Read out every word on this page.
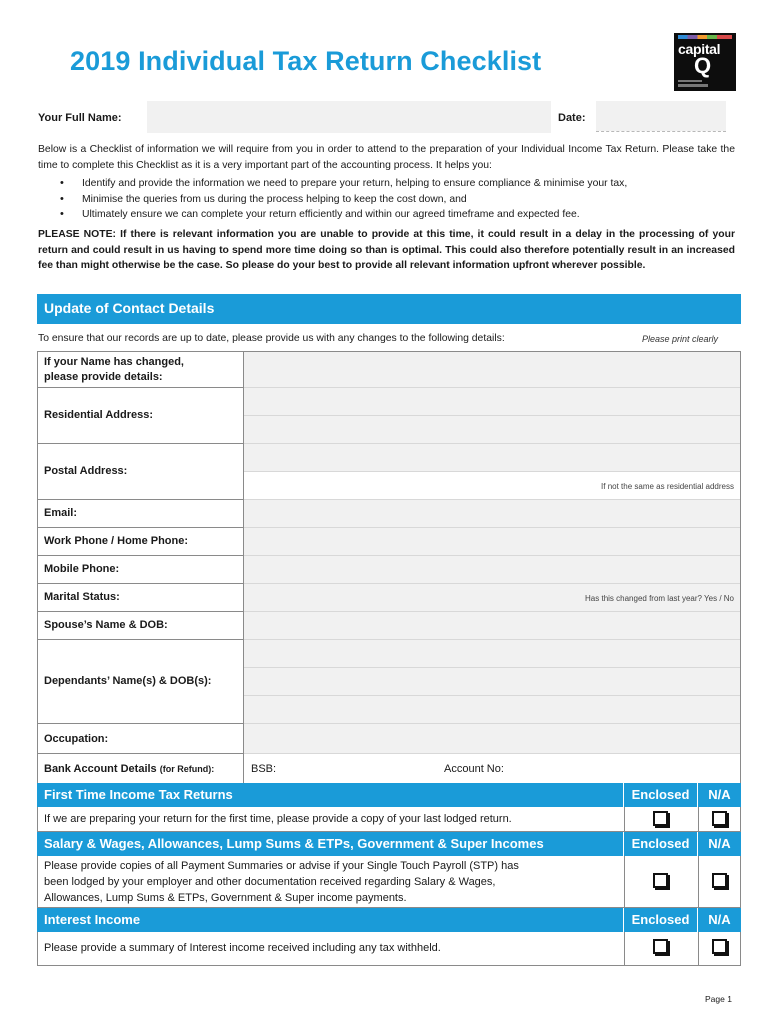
2019 Individual Tax Return Checklist	capital
Q
Your Full Name:	Date:
Below is a Checklist of information we will require from you in order to attend to the preparation of your Individual Income Tax Return. Please take the time to complete this Checklist as it is a very important part of the accounting process. It helps you:
• Identify and provide the information we need to prepare your return, helping to ensure compliance & minimise your tax,
• Minimise the queries from us during the process helping to keep the cost down, and
• Ultimately ensure we can complete your return efficiently and within our agreed timeframe and expected fee.
PLEASE NOTE: If there is relevant information you are unable to provide at this time, it could result in a delay in the processing of your return and could result in us having to spend more time doing so than is optimal. This could also therefore potentially result in an increased fee than might otherwise be the case. So please do your best to provide all relevant information upfront wherever possible.
Update of Contact Details
To ensure that our records are up to date, please provide us with any changes to the following details:	Please print clearly
If your Name has changed,
please provide details:
Residential Address:
Postal Address:
If not the same as residential address
Email:
Work Phone / Home Phone:
Mobile Phone:
Marital Status:	Has this changed from last year? Yes / No
Spouse’s Name & DOB:
Dependants’ Name(s) & DOB(s):
Occupation:
Bank Account Details (for Refund):	BSB:	Account No:
First Time Income Tax Returns	Enclosed	N/A
If we are preparing your return for the first time, please provide a copy of your last lodged return.
Salary & Wages, Allowances, Lump Sums & ETPs, Government & Super Incomes	Enclosed	N/A
Please provide copies of all Payment Summaries or advise if your Single Touch Payroll (STP) has
been lodged by your employer and other documentation received regarding Salary & Wages,
Allowances, Lump Sums & ETPs, Government & Super income payments.
Interest Income	Enclosed	N/A
Please provide a summary of Interest income received including any tax withheld.
Page 1
